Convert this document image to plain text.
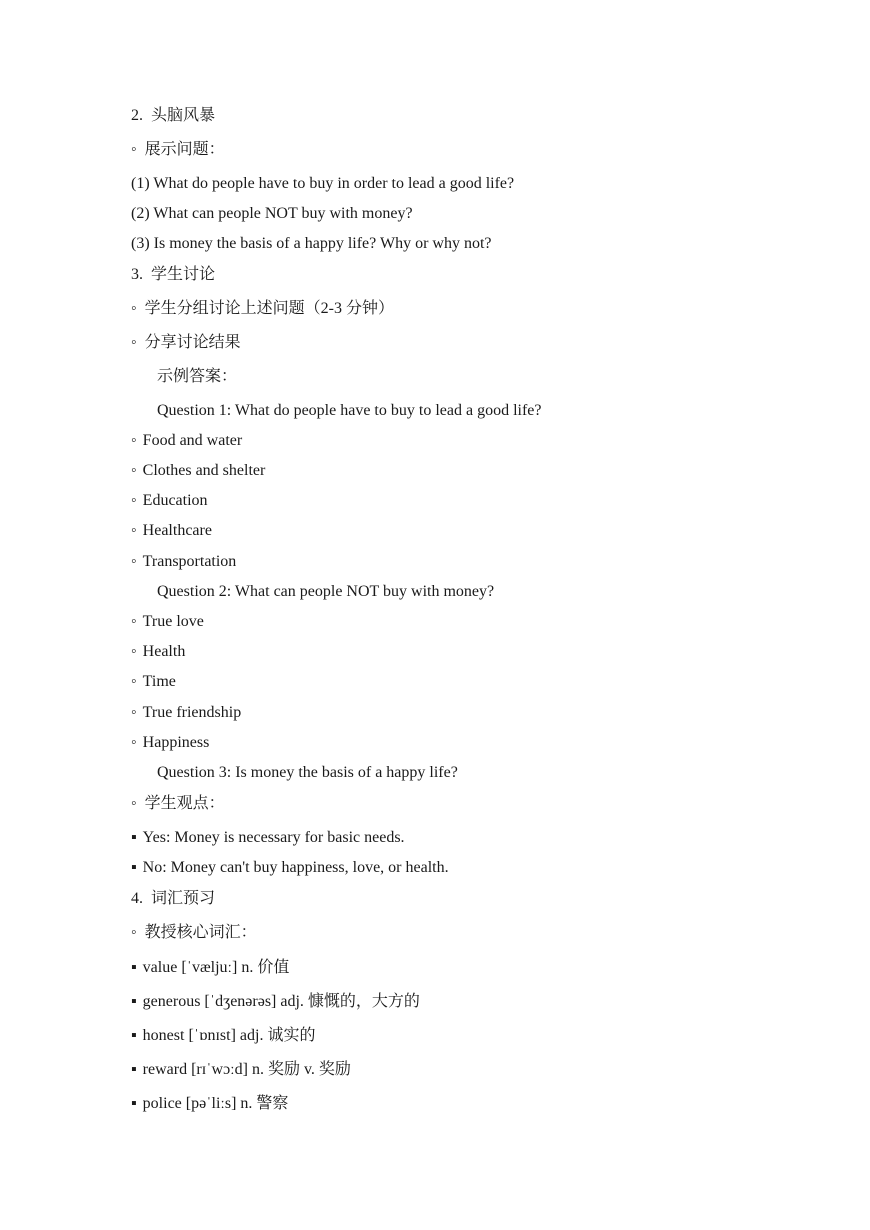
2. 头脑风暴
◦ 展示问题：
(1) What do people have to buy in order to lead a good life?
(2) What can people NOT buy with money?
(3) Is money the basis of a happy life? Why or why not?
3. 学生讨论
◦ 学生分组讨论上述问题（2-3 分钟）
◦ 分享讨论结果
示例答案：
Question 1: What do people have to buy to lead a good life?
◦ Food and water
◦ Clothes and shelter
◦ Education
◦ Healthcare
◦ Transportation
Question 2: What can people NOT buy with money?
◦ True love
◦ Health
◦ Time
◦ True friendship
◦ Happiness
Question 3: Is money the basis of a happy life?
◦ 学生观点：
▪ Yes: Money is necessary for basic needs.
▪ No: Money can't buy happiness, love, or health.
4. 词汇预习
◦ 教授核心词汇：
▪ value [ˈvæljuː] n. 价值
▪ generous [ˈdʒenərəs] adj. 慷慨的，大方的
▪ honest [ˈɒnɪst] adj. 诚实的
▪ reward [rɪˈwɔːd] n. 奖励 v. 奖励
▪ police [pəˈliːs] n. 警察
